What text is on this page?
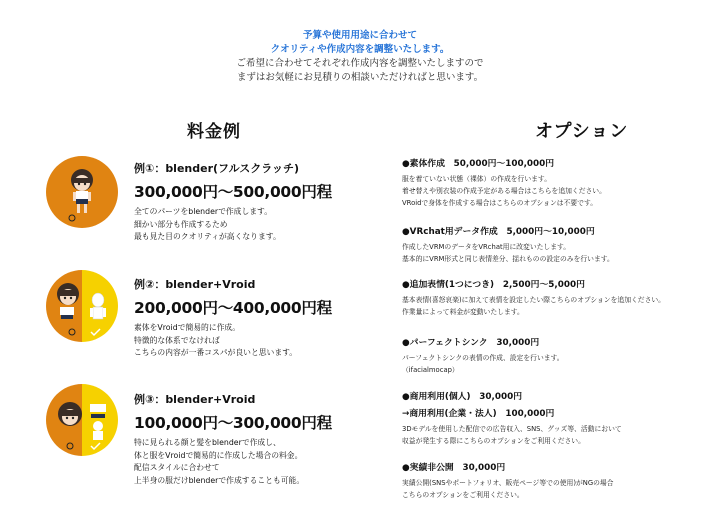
予算や使用用途に合わせて
クオリティや作成内容を調整いたします。
ご希望に合わせてそれぞれ作成内容を調整いたしますので
まずはお気軽にお見積りの相談いただければと思います。
料金例	オプション
例①：blender(フルスクラッチ)
300,000円〜500,000円程
全てのパーツをblenderで作成します。
細かい部分も作成するため
最も見た目のクオリティが高くなります。
例②：blender+Vroid
200,000円〜400,000円程
素体をVroidで簡易的に作成。
特徴的な体系でなければ
こちらの内容が一番コスパが良いと思います。
例③：blender+Vroid
100,000円〜300,000円程
特に見られる顔と髪をblenderで作成し、
体と服をVroidで簡易的に作成した場合の料金。
配信スタイルに合わせて
上半身の服だけblenderで作成することも可能。
●素体作成　50,000円〜100,000円
服を着ていない状態（裸体）の作成を行います。
着せ替えや別衣装の作成予定がある場合はこちらを追加ください。
VRoidで身体を作成する場合はこちらのオプションは不要です。
●VRchat用データ作成　5,000円〜10,000円
作成したVRMのデータをVRchat用に改変いたします。
基本的にVRM形式と同じ表情差分、揺れものの設定のみを行います。
●追加表情(1つにつき)　2,500円〜5,000円
基本表情(喜怒哀楽)に加えて表情を設定したい際こちらのオプションを追加ください。
作業量によって料金が変動いたします。
●パーフェクトシンク　30,000円
パーフェクトシンクの表情の作成、設定を行います。
（ifacialmocap）
●商用利用(個人)　30,000円
→商用利用(企業・法人)　100,000円
3Dモデルを使用した配信での広告収入、SNS、グッズ等、活動において
収益が発生する際にこちらのオプションをご利用ください。
●実績非公開　30,000円
実績公開(SNSやポートフォリオ、販売ページ等での使用)がNGの場合
こちらのオプションをご利用ください。
